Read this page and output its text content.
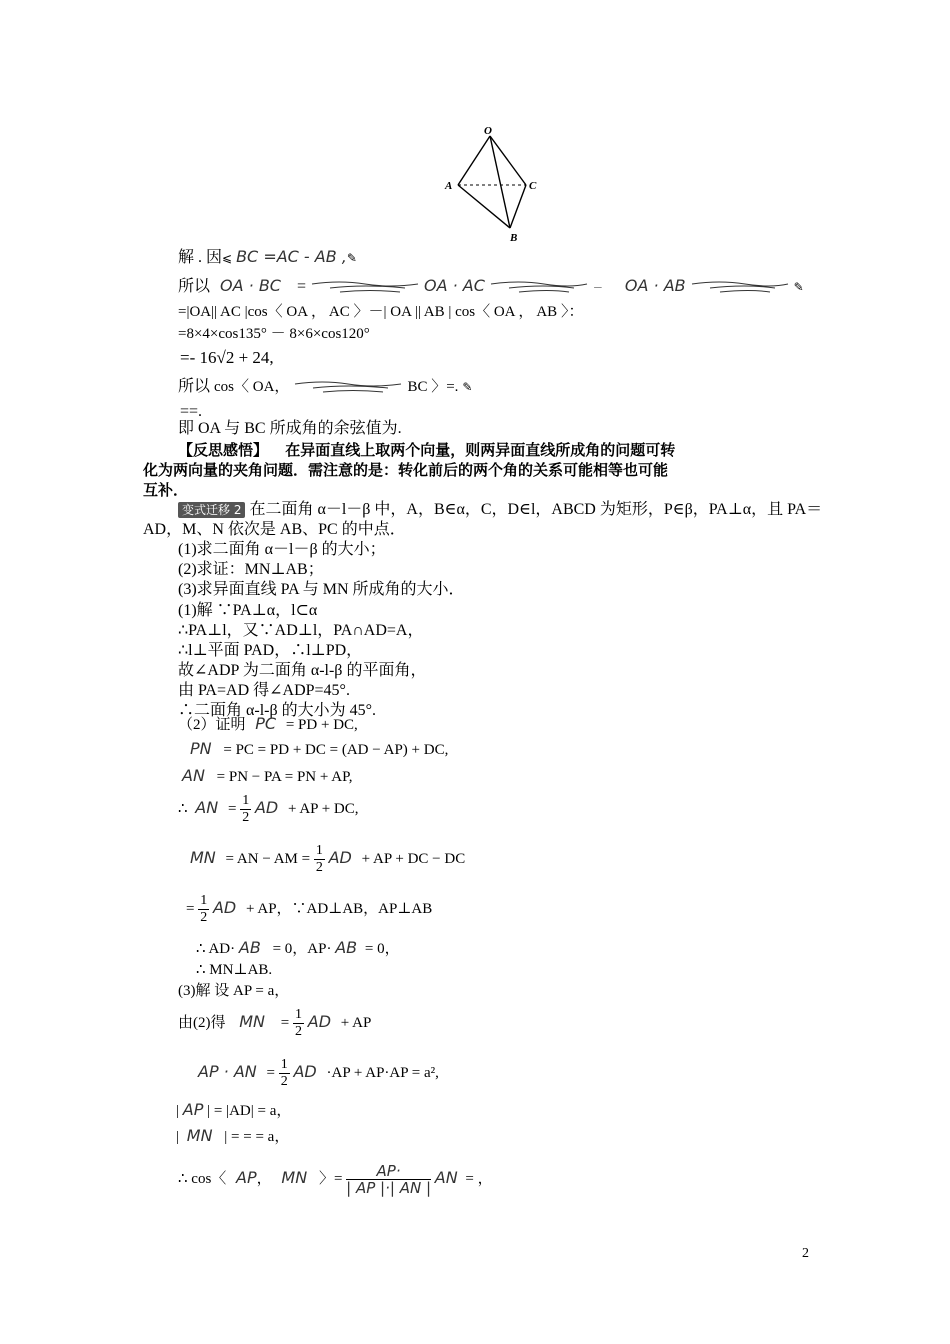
O
A	C
B
解 . 因⩽ BC =AC - AB ,✎
所以 OA · BC =	OA · AC	－ OA · AB	✎
=|OA|| AC |cos〈 OA ， AC 〉－| OA || AB | cos〈 OA ， AB 〉：
=8×4×cos135° － 8×6×cos120°
=- 16√2 + 24,
所以 cos〈 OA，	BC 〉=. ✎
==.
即 OA 与 BC 所成角的余弦值为.
【反思感悟】 在异面直线上取两个向量，则两异面直线所成角的问题可转
化为两向量的夹角问题．需注意的是：转化前后的两个角的关系可能相等也可能
互补．
变式迁移 2 在二面角 α－l－β 中，A，B∈α，C，D∈l，ABCD 为矩形，P∈β，PA⊥α，且 PA＝
AD，M、N 依次是 AB、PC 的中点．
(1)求二面角 α－l－β 的大小；
(2)求证：MN⊥AB；
(3)求异面直线 PA 与 MN 所成角的大小．
(1)解 ∵PA⊥α，l⊂α
∴PA⊥l，又∵AD⊥l，PA∩AD=A，
∴l⊥平面 PAD，∴l⊥PD，
故∠ADP 为二面角 α-l-β 的平面角，
由 PA=AD 得∠ADP=45°.
∴二面角 α-l-β 的大小为 45°.
（2）证明 PC = PD + DC,
PN = PC = PD + DC = (AD − AP) + DC,
AN = PN − PA = PN + AP,
∴ AN = $\frac{1}{2}$ AD + AP + DC,
MN = AN − AM = $\frac{1}{2}$ AD + AP + DC − DC
= $\frac{1}{2}$ AD + AP，∵AD⊥AB，AP⊥AB
∴ AD· AB = 0，AP· AB = 0，
∴ MN⊥AB.
(3)解 设 AP = a，
由(2)得 MN = $\frac{1}{2}$ AD + AP
AP · AN = $\frac{1}{2}$ AD ·AP + AP·AP = a²,
| AP | = |AD| = a，
| MN | = = = a，
∴ cos〈 AP， MN 〉= $\frac{AP\cdot}{| AP |\cdot| AN |}$ AN = ，
2
